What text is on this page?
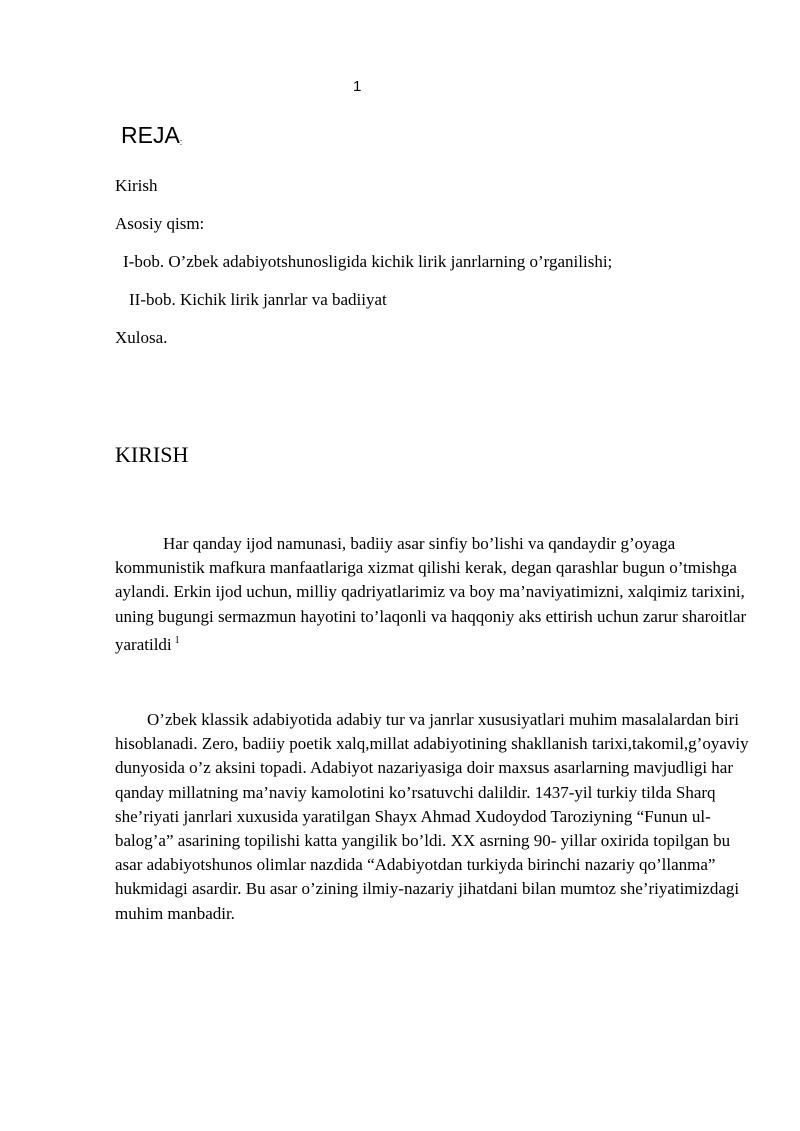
1
REJA:
Kirish
Asosiy qism:
I-bob. O’zbek adabiyotshunosligida kichik lirik janrlarning o’rganilishi;
II-bob. Kichik lirik janrlar va badiiyat
Xulosa.
KIRISH

Har qanday ijod namunasi, badiiy asar sinfiy bo’lishi va qandaydir g’oyaga kommunistik mafkura manfaatlariga xizmat qilishi kerak, degan qarashlar bugun o’tmishga aylandi. Erkin ijod uchun, milliy qadriyatlarimiz va boy ma’naviyatimizni, xalqimiz tarixini, uning bugungi sermazmun hayotini to’laqonli va haqqoniy aks ettirish uchun zarur sharoitlar yaratildi $^1$

O’zbek klassik adabiyotida adabiy tur va janrlar xususiyatlari muhim masalalardan biri hisoblanadi. Zero, badiiy poetik xalq,millat adabiyotining shakllanish tarixi,takomil,g’oyaviy dunyosida o’z aksini topadi. Adabiyot nazariyasiga doir maxsus asarlarning mavjudligi har qanday millatning ma’naviy kamolotini ko’rsatuvchi dalildir. 1437-yil turkiy tilda Sharq she’riyati janrlari xuxusida yaratilgan Shayx Ahmad Xudoydod Taroziyning “Funun ul-balog’a” asarining topilishi katta yangilik bo’ldi. XX asrning 90- yillar oxirida topilgan bu asar adabiyotshunos olimlar nazdida “Adabiyotdan turkiyda birinchi nazariy qo’llanma” hukmidagi asardir. Bu asar o’zining ilmiy-nazariy jihatdani bilan mumtoz she’riyatimizdagi muhim manbadir.
